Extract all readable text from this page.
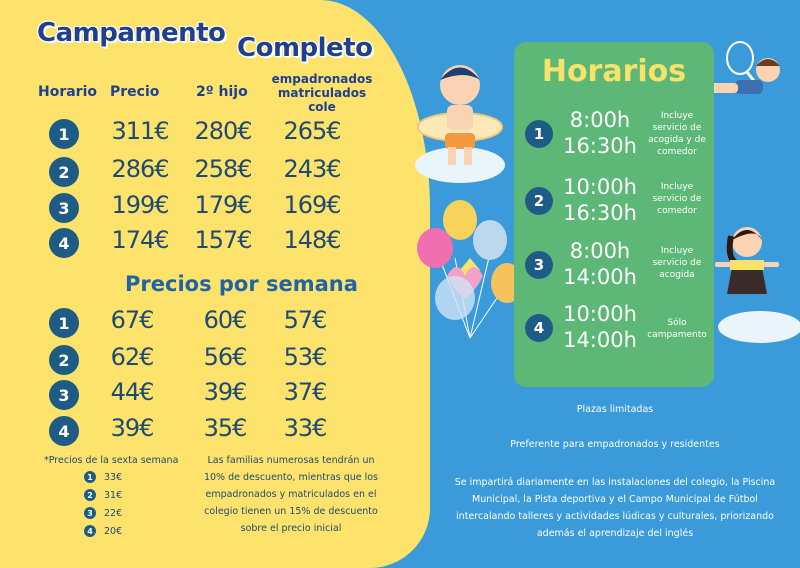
Campamento Completo
Horario Precio	2º hijo
empadronados matriculados cole
1	311€	280€	265€
2	286€	258€	243€
3	199€	179€	169€
4	174€	157€	148€
Precios por semana
1	67€	60€	57€
2	62€	56€	53€
3	44€	39€	37€
4	39€	35€	33€
*Precios de la sexta semana
1	33€
2	31€
3	22€
4	20€
Las familias numerosas tendrán un 10% de descuento, mientras que los empadronados y matriculados en el colegio tienen un 15% de descuento sobre el precio inicial
Horarios
1
8:00h
16:30h
Incluye servicio de acogida y de comedor
2
10:00h
16:30h
Incluye servicio de comedor
3
8:00h
14:00h
Incluye servicio de acogida
4
10:00h
14:00h
Sólo campamento
Plazas limitadas
Preferente para empadronados y residentes
Se impartirá diariamente en las instalaciones del colegio, la Piscina Municipal, la Pista deportiva y el Campo Municipal de Fútbol intercalando talleres y actividades lúdicas y culturales, priorizando además el aprendizaje del inglés
